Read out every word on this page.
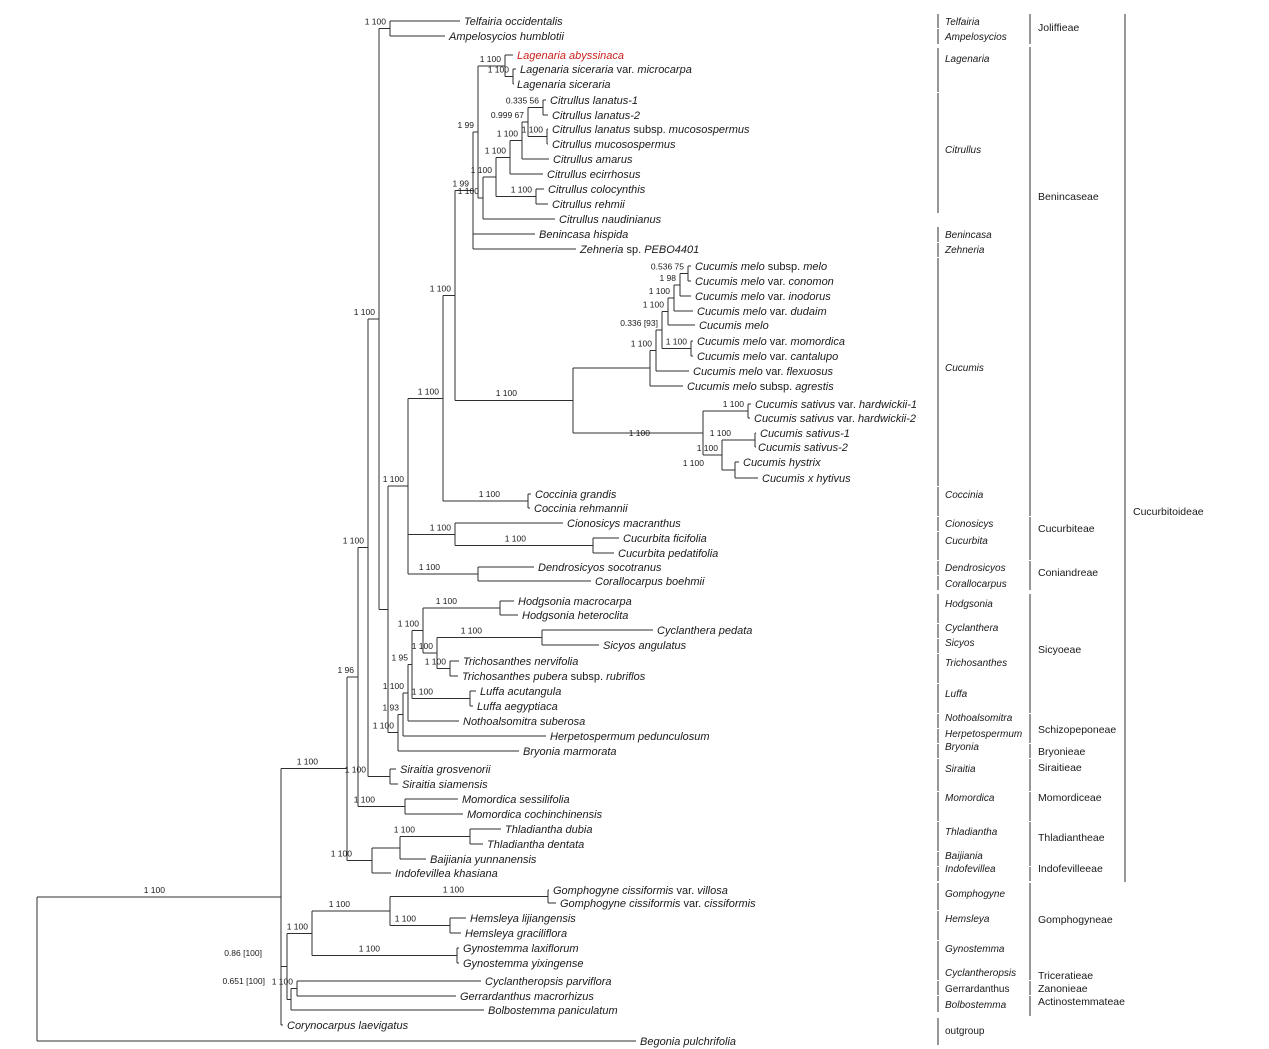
Telfairia occidentalis
Ampelosycios humblotii
Lagenaria abyssinaca
Lagenaria siceraria var. microcarpa
Lagenaria siceraria
Citrullus lanatus-1
Citrullus lanatus-2
Citrullus lanatus subsp. mucosospermus
Citrullus mucosospermus
Citrullus amarus
Citrullus ecirrhosus
Citrullus colocynthis
Citrullus rehmii
Citrullus naudinianus
Benincasa hispida
Zehneria sp. PEBO4401
Cucumis melo subsp. melo
Cucumis melo var. conomon
Cucumis melo var. inodorus
Cucumis melo var. dudaim
Cucumis melo
Cucumis melo var. momordica
Cucumis melo var. cantalupo
Cucumis melo var. flexuosus
Cucumis melo subsp. agrestis
Cucumis sativus var. hardwickii-1
Cucumis sativus var. hardwickii-2
Cucumis sativus-1
Cucumis sativus-2
Cucumis hystrix
Cucumis x hytivus
Coccinia grandis
Coccinia rehmannii
Cionosicys macranthus
Cucurbita ficifolia
Cucurbita pedatifolia
Dendrosicyos socotranus
Corallocarpus boehmii
Hodgsonia macrocarpa
Hodgsonia heteroclita
Cyclanthera pedata
Sicyos angulatus
Trichosanthes nervifolia
Trichosanthes pubera subsp. rubriflos
Luffa acutangula
Luffa aegyptiaca
Nothoalsomitra suberosa
Herpetospermum pedunculosum
Bryonia marmorata
Siraitia grosvenorii
Siraitia siamensis
Momordica sessilifolia
Momordica cochinchinensis
Thladiantha dubia
Thladiantha dentata
Baijiania yunnanensis
Indofevillea khasiana
Gomphogyne cissiformis var. villosa
Gomphogyne cissiformis var. cissiformis
Hemsleya lijiangensis
Hemsleya graciliflora
Gynostemma laxiflorum
Gynostemma yixingense
Cyclantheropsis parviflora
Gerrardanthus macrorhizus
Bolbostemma paniculatum
Corynocarpus laevigatus
Begonia pulchrifolia
1 100
1 100
1 96
1 100
1 100
1 100
1 100
1 100
1 100
1 99
1 99
1 100
1 100
1 100
1 100
1 100
1 100
0.999 67
0.335 56
1 100
1 100
1 100
1 100
0.336 [93]
1 100
1 100
1 98
0.536 75
1 100
1 100
1 100
1 100
1 100
1 100
1 100
1 100
1 100
1 100
1 100
1 93
1 100
1 95
1 100
1 100
1 100
1 100
1 100
1 100
1 100
1 100
1 100
1 100
0.86 [100]
1 100
1 100
1 100
1 100
1 100
0.651 [100] 1 100
Telfairia
Ampelosycios
Lagenaria
Citrullus
Benincasa
Zehneria
Cucumis
Coccinia
Cionosicys
Cucurbita
Dendrosicyos
Corallocarpus
Hodgsonia
Cyclanthera
Sicyos
Trichosanthes
Luffa
Nothoalsomitra
Herpetospermum
Bryonia
Siraitia
Momordica
Thladiantha
Baijiania
Indofevillea
Gomphogyne
Hemsleya
Gynostemma
Cyclantheropsis
Gerrardanthus
Bolbostemma
outgroup
Joliffieae
Benincaseae
Cucurbiteae
Coniandreae
Sicyoeae
Schizopeponeae
Bryonieae
Siraitieae
Momordiceae
Thladiantheae
Indofevilleeae
Gomphogyneae
Triceratieae
Zanonieae
Actinostemmateae
Cucurbitoideae
